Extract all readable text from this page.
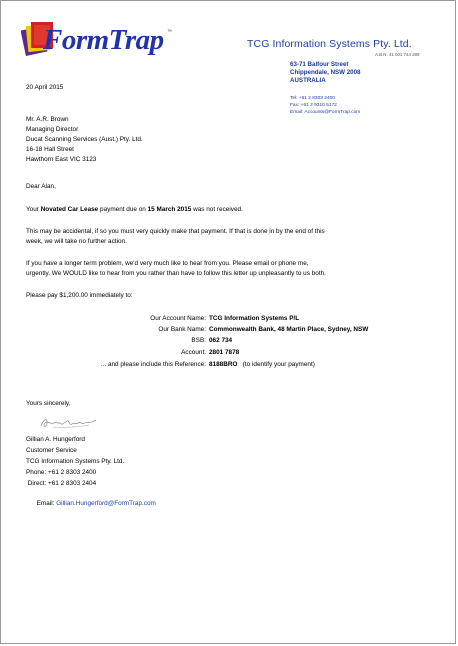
FormTrap ™
TCG Information Systems Pty. Ltd.
A.B.N. 41 001 744 289
63-71 Balfour Street
Chippendale, NSW 2008
AUSTRALIA
Tel: +61 2 8303 2400
Fax: +61 2 9310 5172
Email: Accounts@FormTrap.com
20 April 2015
Mr. A.R. Brown
Managing Director
Ducat Scanning Services (Aust.) Pty. Ltd.
16-18 Hall Street
Hawthorn East VIC 3123
Dear Alan,
Your Novated Car Lease payment due on 15 March 2015 was not received.
This may be accidental, if so you must very quickly make that payment. If that is done in by the end of this
week, we will take no further action.
If you have a longer term problem, we'd very much like to hear from you. Please email or phone me,
urgently. We WOULD like to hear from you rather than have to follow this letter up unpleasantly to us both.
Please pay $1,200.00 immediately to:
Our Account Name: TCG Information Systems P/L
Our Bank Name: Commonwealth Bank, 48 Martin Place, Sydney, NSW
BSB: 062 734
Account: 2801 7878
... and please include this Reference: 8188BRO (to identify your payment)
Yours sincerely,
Gillian A. Hungerford
Customer Service
TCG Information Systems Pty. Ltd.
Phone: +61 2 8303 2400
Direct: +61 2 8303 2404

Email: Gillian.Hungerford@FormTrap.com
